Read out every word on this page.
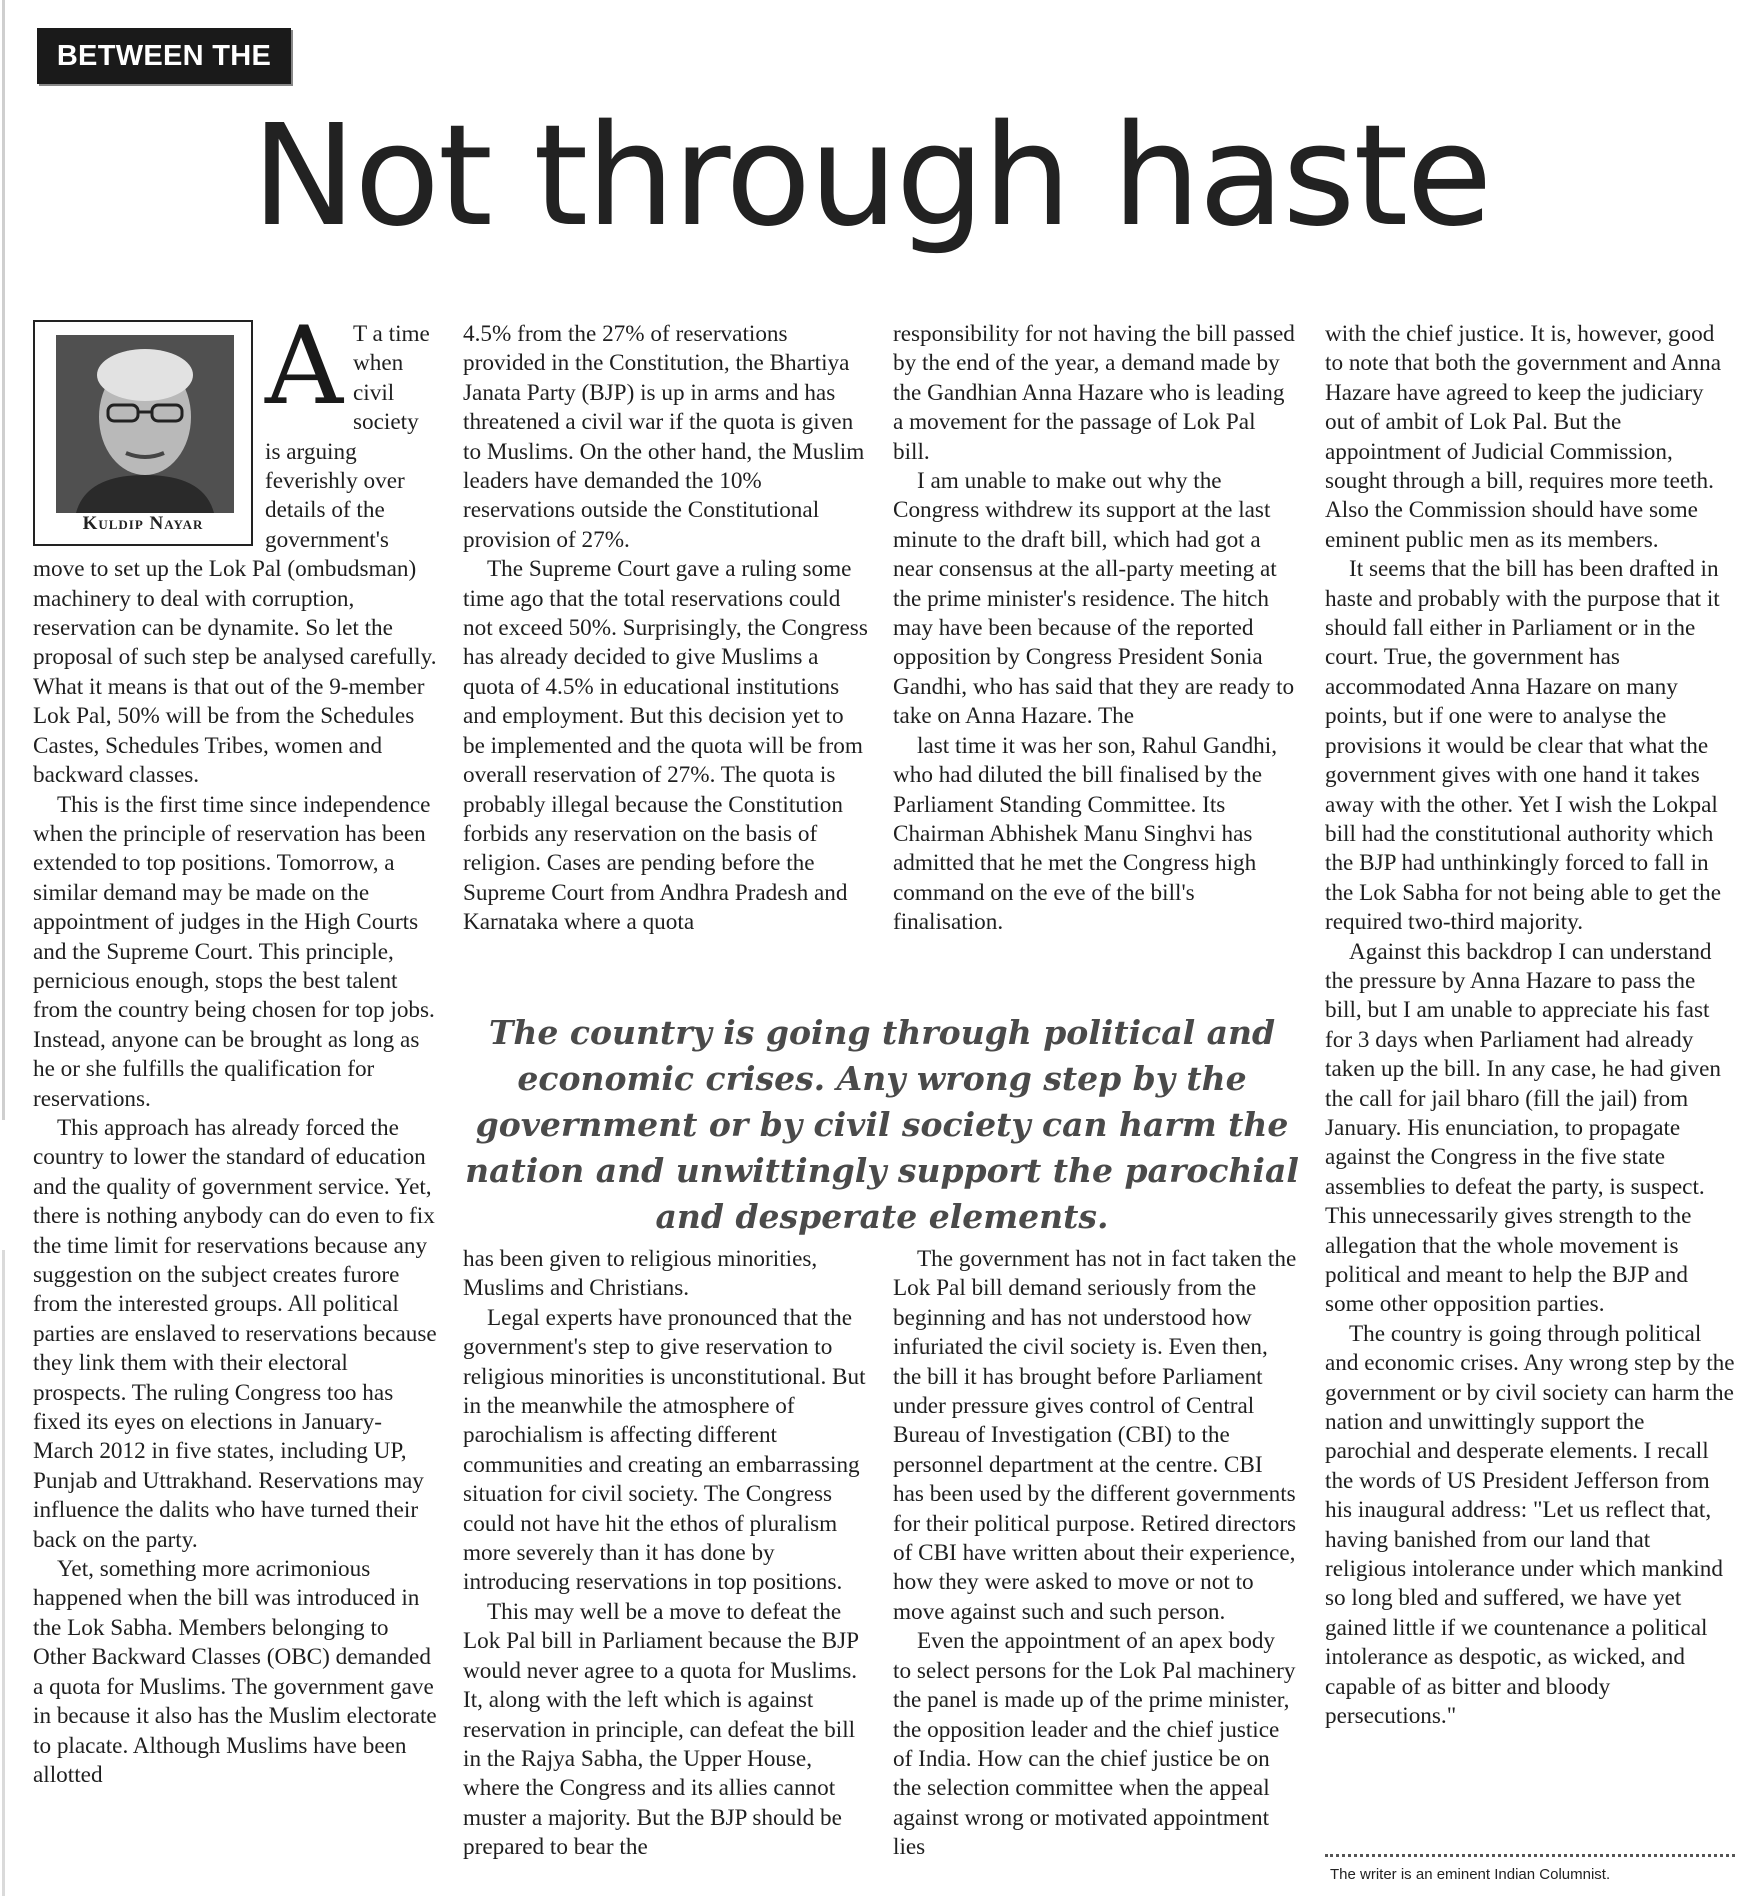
BETWEEN THE LINES Not through haste
Kuldip Nayar

A T a time when civil society is arguing feverishly over details of the government's move to set up the Lok Pal (ombudsman) machinery to deal with corruption, reservation can be dynamite. So let the proposal of such step be analysed carefully. What it means is that out of the 9-member Lok Pal, 50% will be from the Schedules Castes, Schedules Tribes, women and backward classes.

This is the first time since independence when the principle of reservation has been extended to top positions. Tomorrow, a similar demand may be made on the appointment of judges in the High Courts and the Supreme Court. This principle, pernicious enough, stops the best talent from the country being chosen for top jobs. Instead, anyone can be brought as long as he or she fulfills the qualification for reservations.

This approach has already forced the country to lower the standard of education and the quality of government service. Yet, there is nothing anybody can do even to fix the time limit for reservations because any suggestion on the subject creates furore from the interested groups. All political parties are enslaved to reservations because they link them with their electoral prospects. The ruling Congress too has fixed its eyes on elections in January-March 2012 in five states, including UP, Punjab and Uttrakhand. Reservations may influence the dalits who have turned their back on the party.

Yet, something more acrimonious happened when the bill was introduced in the Lok Sabha. Members belonging to Other Backward Classes (OBC) demanded a quota for Muslims. The government gave in because it also has the Muslim electorate to placate. Although Muslims have been allotted

4.5% from the 27% of reservations provided in the Constitution, the Bhartiya Janata Party (BJP) is up in arms and has threatened a civil war if the quota is given to Muslims. On the other hand, the Muslim leaders have demanded the 10% reservations outside the Constitutional provision of 27%.

The Supreme Court gave a ruling some time ago that the total reservations could not exceed 50%. Surprisingly, the Congress has already decided to give Muslims a quota of 4.5% in educational institutions and employment. But this decision yet to be implemented and the quota will be from overall reservation of 27%. The quota is probably illegal because the Constitution forbids any reservation on the basis of religion. Cases are pending before the Supreme Court from Andhra Pradesh and Karnataka where a quota

responsibility for not having the bill passed by the end of the year, a demand made by the Gandhian Anna Hazare who is leading a movement for the passage of Lok Pal bill.

I am unable to make out why the Congress withdrew its support at the last minute to the draft bill, which had got a near consensus at the all-party meeting at the prime minister's residence. The hitch may have been because of the reported opposition by Congress President Sonia Gandhi, who has said that they are ready to take on Anna Hazare. The

last time it was her son, Rahul Gandhi, who had diluted the bill finalised by the Parliament Standing Committee. Its Chairman Abhishek Manu Singhvi has admitted that he met the Congress high command on the eve of the bill's finalisation.

The country is going through political and economic crises. Any wrong step by the government or by civil society can harm the nation and unwittingly support the parochial and desperate elements.

has been given to religious minorities, Muslims and Christians.

Legal experts have pronounced that the government's step to give reservation to religious minorities is unconstitutional. But in the meanwhile the atmosphere of parochialism is affecting different communities and creating an embarrassing situation for civil society. The Congress could not have hit the ethos of pluralism more severely than it has done by introducing reservations in top positions.

This may well be a move to defeat the Lok Pal bill in Parliament because the BJP would never agree to a quota for Muslims. It, along with the left which is against reservation in principle, can defeat the bill in the Rajya Sabha, the Upper House, where the Congress and its allies cannot muster a majority. But the BJP should be prepared to bear the

The government has not in fact taken the Lok Pal bill demand seriously from the beginning and has not understood how infuriated the civil society is. Even then, the bill it has brought before Parliament under pressure gives control of Central Bureau of Investigation (CBI) to the personnel department at the centre. CBI has been used by the different governments for their political purpose. Retired directors of CBI have written about their experience, how they were asked to move or not to move against such and such person.

Even the appointment of an apex body to select persons for the Lok Pal machinery the panel is made up of the prime minister, the opposition leader and the chief justice of India. How can the chief justice be on the selection committee when the appeal against wrong or motivated appointment lies

with the chief justice. It is, however, good to note that both the government and Anna Hazare have agreed to keep the judiciary out of ambit of Lok Pal. But the appointment of Judicial Commission, sought through a bill, requires more teeth. Also the Commission should have some eminent public men as its members.

It seems that the bill has been drafted in haste and probably with the purpose that it should fall either in Parliament or in the court. True, the government has accommodated Anna Hazare on many points, but if one were to analyse the provisions it would be clear that what the government gives with one hand it takes away with the other. Yet I wish the Lokpal bill had the constitutional authority which the BJP had unthinkingly forced to fall in the Lok Sabha for not being able to get the required two-third majority.

Against this backdrop I can understand the pressure by Anna Hazare to pass the bill, but I am unable to appreciate his fast for 3 days when Parliament had already taken up the bill. In any case, he had given the call for jail bharo (fill the jail) from January. His enunciation, to propagate against the Congress in the five state assemblies to defeat the party, is suspect. This unnecessarily gives strength to the allegation that the whole movement is political and meant to help the BJP and some other opposition parties.

The country is going through political and economic crises. Any wrong step by the government or by civil society can harm the nation and unwittingly support the parochial and desperate elements. I recall the words of US President Jefferson from his inaugural address: "Let us reflect that, having banished from our land that religious intolerance under which mankind so long bled and suffered, we have yet gained little if we countenance a political intolerance as despotic, as wicked, and capable of as bitter and bloody persecutions."

The writer is an eminent Indian Columnist.
